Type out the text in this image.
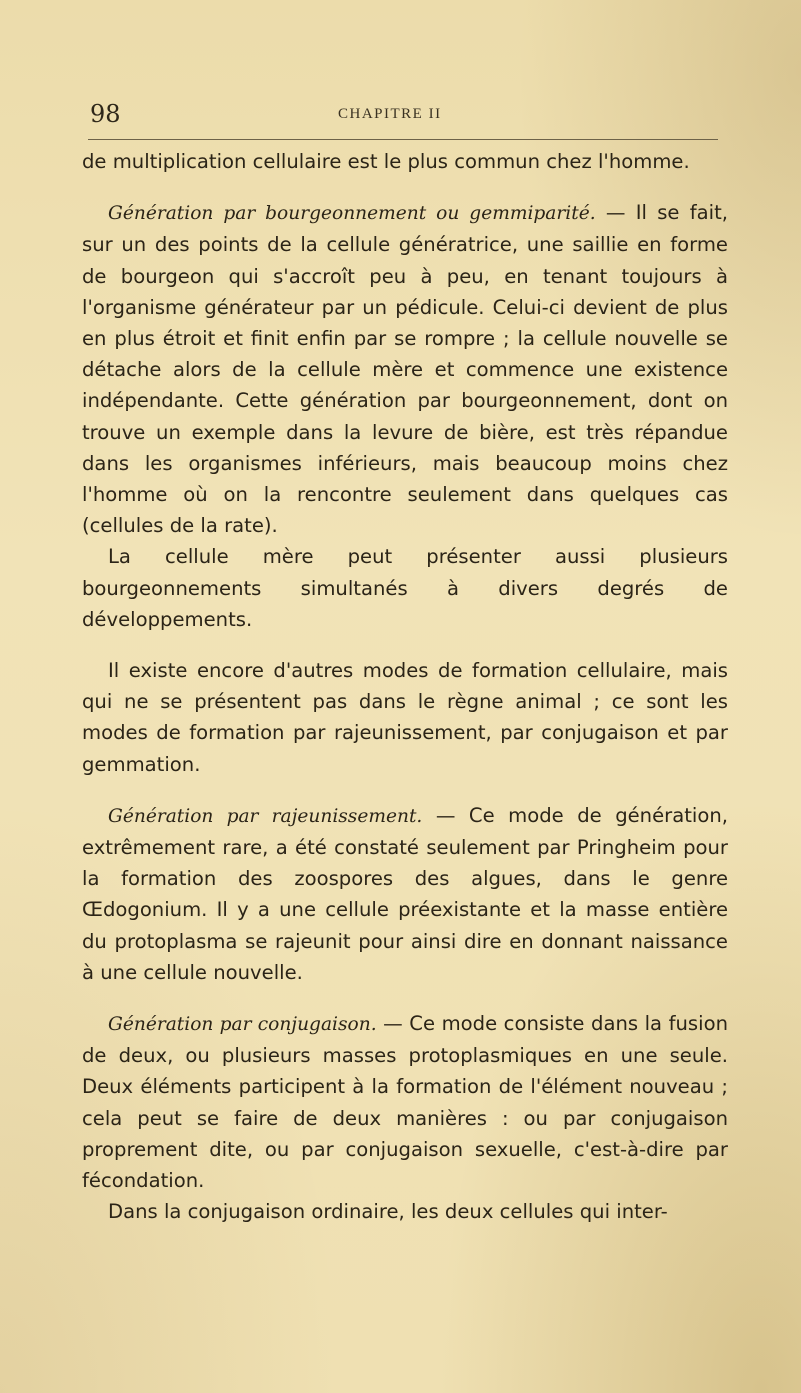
98	CHAPITRE II

de multiplication cellulaire est le plus commun chez l'homme.

Génération par bourgeonnement ou gemmiparité. — Il se fait, sur un des points de la cellule génératrice, une saillie en forme de bourgeon qui s'accroît peu à peu, en tenant toujours à l'organisme générateur par un pédicule. Celui-ci devient de plus en plus étroit et finit enfin par se rompre ; la cellule nouvelle se détache alors de la cellule mère et commence une existence indépendante. Cette génération par bourgeonnement, dont on trouve un exemple dans la levure de bière, est très répandue dans les organismes inférieurs, mais beaucoup moins chez l'homme où on la rencontre seulement dans quelques cas (cellules de la rate).

La cellule mère peut présenter aussi plusieurs bourgeonnements simultanés à divers degrés de développements.

Il existe encore d'autres modes de formation cellulaire, mais qui ne se présentent pas dans le règne animal ; ce sont les modes de formation par rajeunissement, par conjugaison et par gemmation.

Génération par rajeunissement. — Ce mode de génération, extrêmement rare, a été constaté seulement par Pringheim pour la formation des zoospores des algues, dans le genre Œdogonium. Il y a une cellule préexistante et la masse entière du protoplasma se rajeunit pour ainsi dire en donnant naissance à une cellule nouvelle.

Génération par conjugaison. — Ce mode consiste dans la fusion de deux, ou plusieurs masses protoplasmiques en une seule. Deux éléments participent à la formation de l'élément nouveau ; cela peut se faire de deux manières : ou par conjugaison proprement dite, ou par conjugaison sexuelle, c'est-à-dire par fécondation.

Dans la conjugaison ordinaire, les deux cellules qui inter-
